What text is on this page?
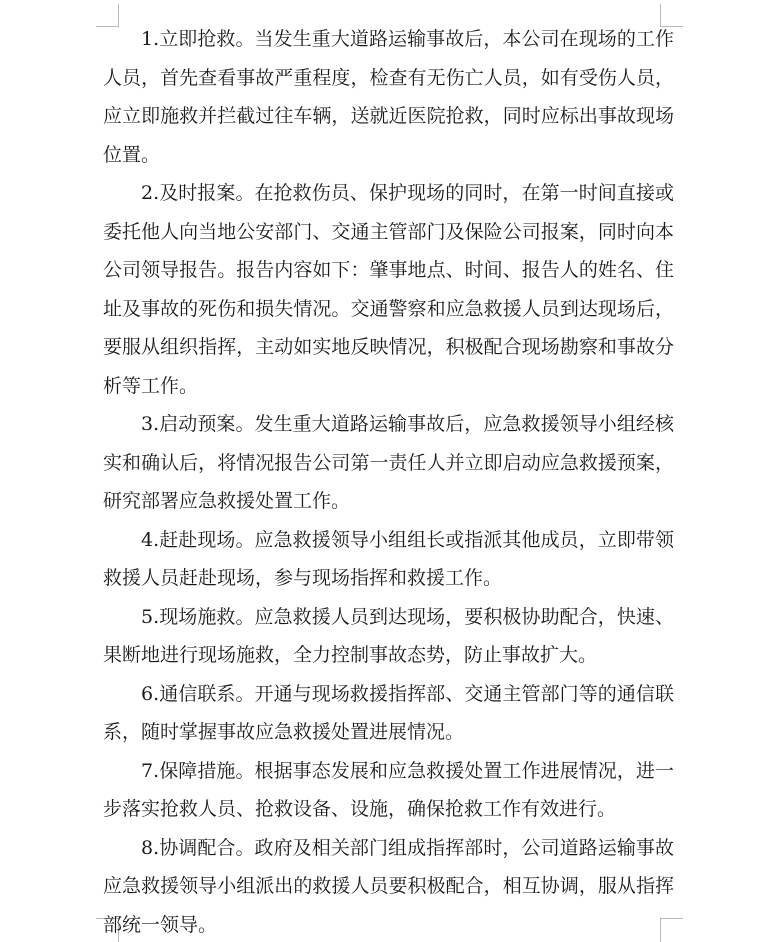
1.立即抢救。当发生重大道路运输事故后，本公司在现场的工作人员，首先查看事故严重程度，检查有无伤亡人员，如有受伤人员，应立即施救并拦截过往车辆，送就近医院抢救，同时应标出事故现场位置。

2.及时报案。在抢救伤员、保护现场的同时，在第一时间直接或委托他人向当地公安部门、交通主管部门及保险公司报案，同时向本公司领导报告。报告内容如下：肇事地点、时间、报告人的姓名、住址及事故的死伤和损失情况。交通警察和应急救援人员到达现场后，要服从组织指挥，主动如实地反映情况，积极配合现场勘察和事故分析等工作。

3.启动预案。发生重大道路运输事故后，应急救援领导小组经核实和确认后，将情况报告公司第一责任人并立即启动应急救援预案，研究部署应急救援处置工作。

4.赶赴现场。应急救援领导小组组长或指派其他成员，立即带领救援人员赶赴现场，参与现场指挥和救援工作。

5.现场施救。应急救援人员到达现场，要积极协助配合，快速、果断地进行现场施救，全力控制事故态势，防止事故扩大。

6.通信联系。开通与现场救援指挥部、交通主管部门等的通信联系，随时掌握事故应急救援处置进展情况。

7.保障措施。根据事态发展和应急救援处置工作进展情况，进一步落实抢救人员、抢救设备、设施，确保抢救工作有效进行。

8.协调配合。政府及相关部门组成指挥部时，公司道路运输事故应急救援领导小组派出的救援人员要积极配合，相互协调，服从指挥部统一领导。
